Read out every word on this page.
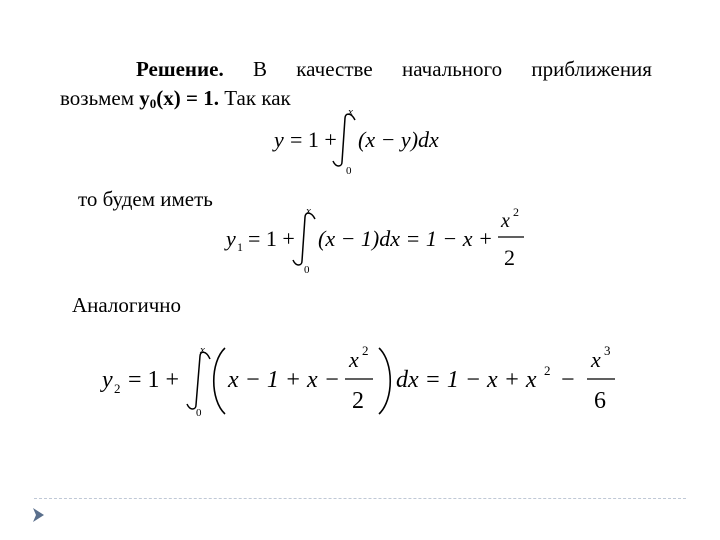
Решение. В качестве начального приближения
возьмем $y_0(x) = 1$. Так как
y = 1 +
x
0
(x − y)dx
то будем иметь
y 1 = 1 +
x
0
(x − 1)dx = 1 − x +
x 2
2
Аналогично
y 2 = 1 +
x
0
x − 1 + x −
x 2
2
dx = 1 − x + x 2 −
x 3
6
